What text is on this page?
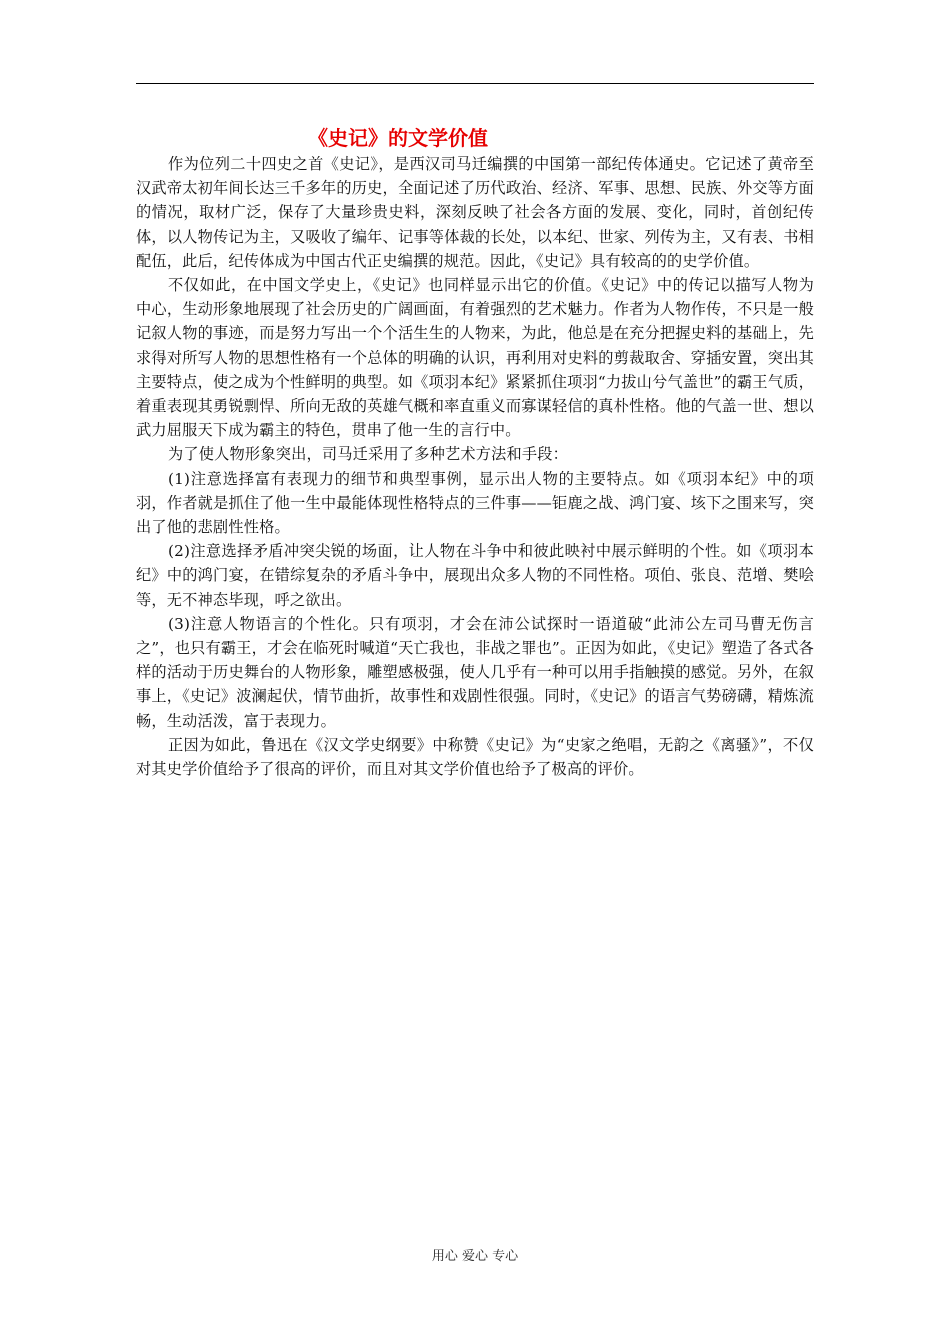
《史记》的文学价值

作为位列二十四史之首《史记》，是西汉司马迁编撰的中国第一部纪传体通史。它记述了黄帝至汉武帝太初年间长达三千多年的历史，全面记述了历代政治、经济、军事、思想、民族、外交等方面的情况，取材广泛，保存了大量珍贵史料，深刻反映了社会各方面的发展、变化，同时，首创纪传体，以人物传记为主，又吸收了编年、记事等体裁的长处，以本纪、世家、列传为主，又有表、书相配伍，此后，纪传体成为中国古代正史编撰的规范。因此，《史记》具有较高的的史学价值。

不仅如此，在中国文学史上，《史记》也同样显示出它的价值。《史记》中的传记以描写人物为中心，生动形象地展现了社会历史的广阔画面，有着强烈的艺术魅力。作者为人物作传，不只是一般记叙人物的事迹，而是努力写出一个个活生生的人物来，为此，他总是在充分把握史料的基础上，先求得对所写人物的思想性格有一个总体的明确的认识，再利用对史料的剪裁取舍、穿插安置，突出其主要特点，使之成为个性鲜明的典型。如《项羽本纪》紧紧抓住项羽“力拔山兮气盖世”的霸王气质，着重表现其勇锐剽悍、所向无敌的英雄气概和率直重义而寡谋轻信的真朴性格。他的气盖一世、想以武力屈服天下成为霸主的特色，贯串了他一生的言行中。

为了使人物形象突出，司马迁采用了多种艺术方法和手段：

(1)注意选择富有表现力的细节和典型事例，显示出人物的主要特点。如《项羽本纪》中的项羽，作者就是抓住了他一生中最能体现性格特点的三件事——钜鹿之战、鸿门宴、垓下之围来写，突出了他的悲剧性性格。

(2)注意选择矛盾冲突尖锐的场面，让人物在斗争中和彼此映衬中展示鲜明的个性。如《项羽本纪》中的鸿门宴，在错综复杂的矛盾斗争中，展现出众多人物的不同性格。项伯、张良、范增、樊哙等，无不神态毕现，呼之欲出。

(3)注意人物语言的个性化。只有项羽，才会在沛公试探时一语道破“此沛公左司马曹无伤言之”，也只有霸王，才会在临死时喊道“天亡我也，非战之罪也”。正因为如此，《史记》塑造了各式各样的活动于历史舞台的人物形象，雕塑感极强，使人几乎有一种可以用手指触摸的感觉。另外，在叙事上，《史记》波澜起伏，情节曲折，故事性和戏剧性很强。同时，《史记》的语言气势磅礴，精炼流畅，生动活泼，富于表现力。

正因为如此，鲁迅在《汉文学史纲要》中称赞《史记》为“史家之绝唱，无韵之《离骚》”，不仅对其史学价值给予了很高的评价，而且对其文学价值也给予了极高的评价。

用心 爱心 专心
